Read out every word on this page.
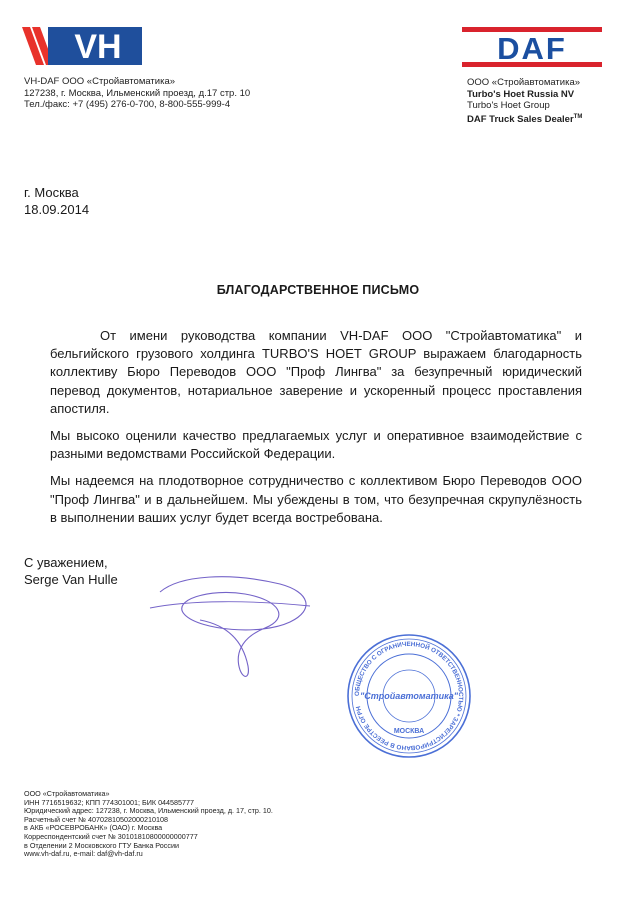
VH	DAF
VH-DAF ООО «Стройавтоматика»
127238, г. Москва, Ильменский проезд, д.17 стр. 10
Тел./факс: +7 (495) 276-0-700, 8-800-555-999-4
ООО «Стройавтоматика»
Turbo's Hoet Russia NV
Turbo's Hoet Group
DAF Truck Sales Dealer™
г. Москва
18.09.2014
БЛАГОДАРСТВЕННОЕ ПИСЬМО

От имени руководства компании VH-DAF ООО "Стройавтоматика" и бельгийского грузового холдинга TURBO'S HOET GROUP выражаем благодарность коллективу Бюро Переводов ООО "Проф Лингва" за безупречный юридический перевод документов, нотариальное заверение и ускоренный процесс проставления апостиля.

Мы высоко оценили качество предлагаемых услуг и оперативное взаимодействие с разными ведомствами Российской Федерации.

Мы надеемся на плодотворное сотрудничество с коллективом Бюро Переводов ООО "Проф Лингва" и в дальнейшем. Мы убеждены в том, что безупречная скрупулёзность в выполнении ваших услуг будет всегда востребована.

С уважением,
Serge Van Hulle
ОБЩЕСТВО С ОГРАНИЧЕННОЙ ОТВЕТСТВЕННОСТЬЮ * ЗАРЕГИСТРИРОВАНО В РЕЕСТРЕ ОГРН
"Стройавтоматика"
МОСКВА
ООО «Стройавтоматика»
ИНН 7716519632; КПП 774301001; БИК 044585777
Юридический адрес: 127238, г. Москва, Ильменский проезд, д. 17, стр. 10.
Расчетный счет № 40702810502000210108
в АКБ «РОСЕВРОБАНК» (ОАО) г. Москва
Корреспондентский счет № 30101810800000000777
в Отделении 2 Московского ГТУ Банка России
www.vh-daf.ru, e-mail: daf@vh-daf.ru
